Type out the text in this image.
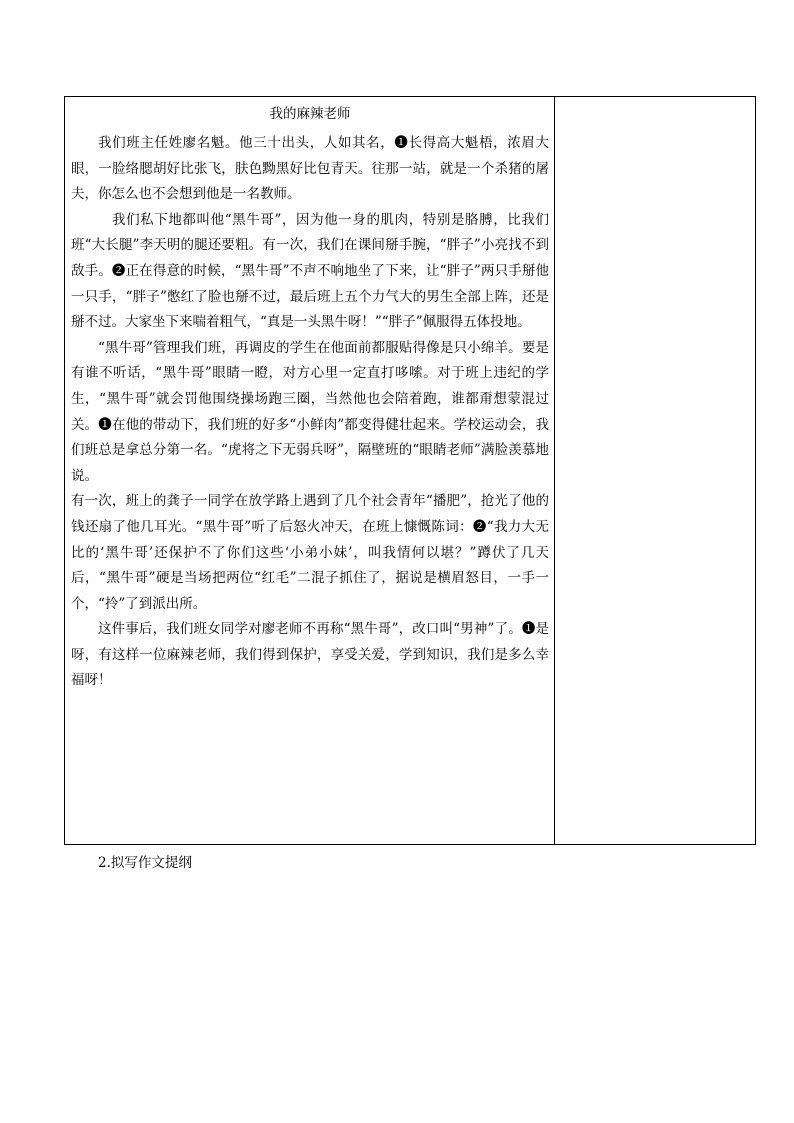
我的麻辣老师

我们班主任姓廖名魁。他三十出头，人如其名，❶长得高大魁梧，浓眉大眼，一脸络腮胡好比张飞，肤色黝黑好比包青天。往那一站，就是一个杀猪的屠夫，你怎么也不会想到他是一名教师。

我们私下地都叫他“黑牛哥”，因为他一身的肌肉，特别是胳膊，比我们班“大长腿”李天明的腿还要粗。有一次，我们在课间掰手腕，“胖子”小亮找不到敌手。❷正在得意的时候，“黑牛哥”不声不响地坐了下来，让“胖子”两只手掰他一只手，“胖子”憋红了脸也掰不过，最后班上五个力气大的男生全部上阵，还是掰不过。大家坐下来喘着粗气，“真是一头黑牛呀！”“胖子”佩服得五体投地。

“黑牛哥”管理我们班，再调皮的学生在他面前都服贴得像是只小绵羊。要是有谁不听话，“黑牛哥”眼睛一瞪，对方心里一定直打哆嗦。对于班上违纪的学生，“黑牛哥”就会罚他围绕操场跑三圈，当然他也会陪着跑，谁都甭想蒙混过关。❶在他的带动下，我们班的好多“小鲜肉”都变得健壮起来。学校运动会，我们班总是拿总分第一名。“虎将之下无弱兵呀”，隔壁班的“眼睛老师”满脸羡慕地说。

有一次，班上的龚子一同学在放学路上遇到了几个社会青年“播肥”，抢光了他的钱还扇了他几耳光。“黑牛哥”听了后怒火冲天，在班上慷慨陈词：❷“我力大无比的‘黑牛哥’还保护不了你们这些‘小弟小妹’，叫我情何以堪？”蹲伏了几天后，“黑牛哥”硬是当场把两位“红毛”二混子抓住了，据说是横眉怒目，一手一个，“拎”了到派出所。

这件事后，我们班女同学对廖老师不再称“黑牛哥”，改口叫“男神”了。❶是呀，有这样一位麻辣老师，我们得到保护，享受关爱，学到知识，我们是多么幸福呀！

2.拟写作文提纲
